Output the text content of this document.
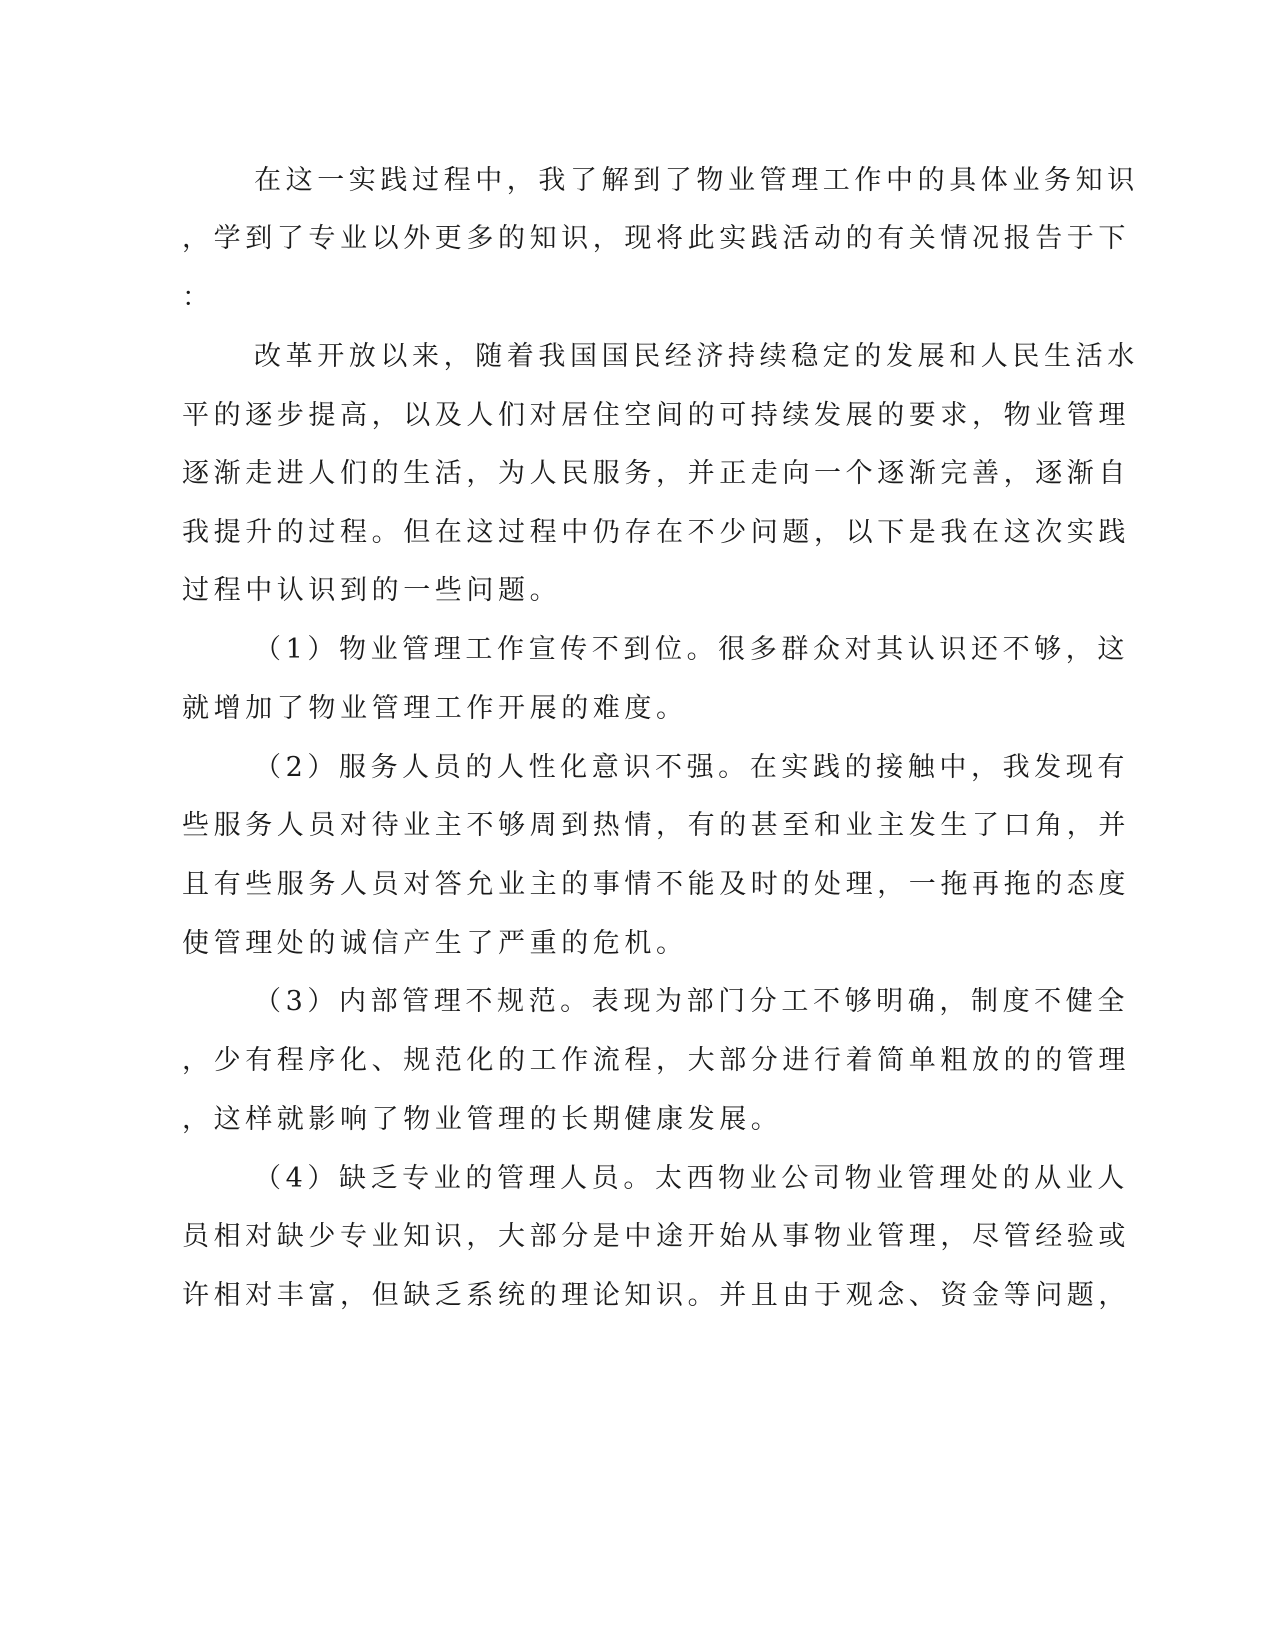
在这一实践过程中，我了解到了物业管理工作中的具体业务知识

，学到了专业以外更多的知识，现将此实践活动的有关情况报告于下

：

改革开放以来，随着我国国民经济持续稳定的发展和人民生活水

平的逐步提高，以及人们对居住空间的可持续发展的要求，物业管理

逐渐走进人们的生活，为人民服务，并正走向一个逐渐完善，逐渐自

我提升的过程。但在这过程中仍存在不少问题，以下是我在这次实践

过程中认识到的一些问题。

（1）物业管理工作宣传不到位。很多群众对其认识还不够，这

就增加了物业管理工作开展的难度。

（2）服务人员的人性化意识不强。在实践的接触中，我发现有

些服务人员对待业主不够周到热情，有的甚至和业主发生了口角，并

且有些服务人员对答允业主的事情不能及时的处理，一拖再拖的态度

使管理处的诚信产生了严重的危机。

（3）内部管理不规范。表现为部门分工不够明确，制度不健全

，少有程序化、规范化的工作流程，大部分进行着简单粗放的的管理

，这样就影响了物业管理的长期健康发展。

（4）缺乏专业的管理人员。太西物业公司物业管理处的从业人

员相对缺少专业知识，大部分是中途开始从事物业管理，尽管经验或

许相对丰富，但缺乏系统的理论知识。并且由于观念、资金等问题，
